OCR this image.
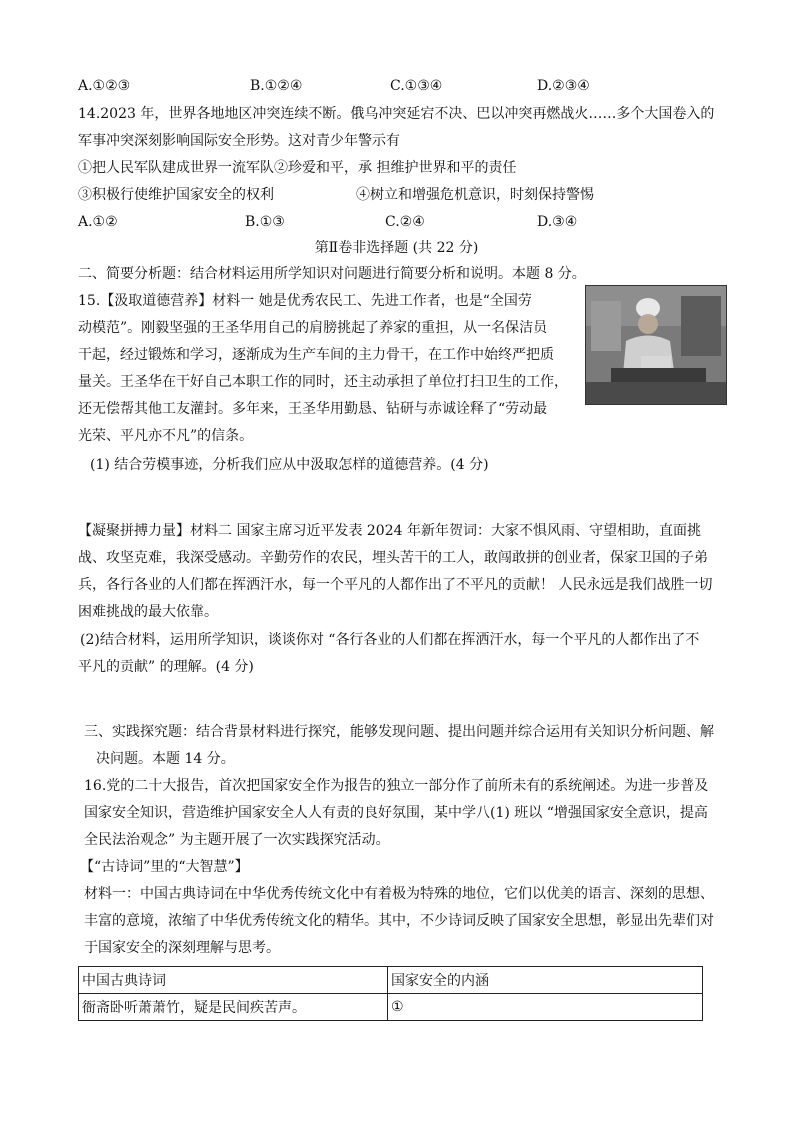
A.①②③	B.①②④	C.①③④	D.②③④
14.2023 年，世界各地地区冲突连续不断。俄乌冲突延宕不决、巴以冲突再燃战火……多个大国卷入的
军事冲突深刻影响国际安全形势。这对青少年警示有
①把人民军队建成世界一流军队②珍爱和平，承 担维护世界和平的责任
③积极行使维护国家安全的权利	④树立和增强危机意识，时刻保持警惕
A.①②	B.①③	C.②④	D.③④
第Ⅱ卷非选择题 (共 22 分)
二、简要分析题：结合材料运用所学知识对问题进行简要分析和说明。本题 8 分。
15.【汲取道德营养】材料一 她是优秀农民工、先进工作者，也是“全国劳
动模范”。刚毅坚强的王圣华用自己的肩膀挑起了养家的重担，从一名保洁员
干起，经过锻炼和学习，逐渐成为生产车间的主力骨干，在工作中始终严把质
量关。王圣华在干好自己本职工作的同时，还主动承担了单位打扫卫生的工作，
还无偿帮其他工友灌封。多年来，王圣华用勤恳、钻研与赤诚诠释了“劳动最
光荣、平凡亦不凡”的信条。
(1) 结合劳模事迹，分析我们应从中汲取怎样的道德营养。(4 分)
【凝聚拼搏力量】材料二 国家主席习近平发表 2024 年新年贺词：大家不惧风雨、守望相助，直面挑
战、攻坚克难，我深受感动。辛勤劳作的农民，埋头苦干的工人，敢闯敢拼的创业者，保家卫国的子弟
兵，各行各业的人们都在挥洒汗水，每一个平凡的人都作出了不平凡的贡献！ 人民永远是我们战胜一切
困难挑战的最大依靠。
(2)结合材料，运用所学知识，谈谈你对 “各行各业的人们都在挥洒汗水，每一个平凡的人都作出了不
平凡的贡献” 的理解。(4 分)
三、实践探究题：结合背景材料进行探究，能够发现问题、提出问题并综合运用有关知识分析问题、解
决问题。本题 14 分。
16.党的二十大报告，首次把国家安全作为报告的独立一部分作了前所未有的系统阐述。为进一步普及
国家安全知识，营造维护国家安全人人有责的良好氛围，某中学八(1) 班以 “增强国家安全意识，提高
全民法治观念” 为主题开展了一次实践探究活动。
【“古诗词”里的“大智慧”】
材料一：中国古典诗词在中华优秀传统文化中有着极为特殊的地位，它们以优美的语言、深刻的思想、
丰富的意境，浓缩了中华优秀传统文化的精华。其中，不少诗词反映了国家安全思想，彰显出先辈们对
于国家安全的深刻理解与思考。
中国古典诗词	国家安全的内涵
衙斋卧听萧萧竹，疑是民间疾苦声。	①
